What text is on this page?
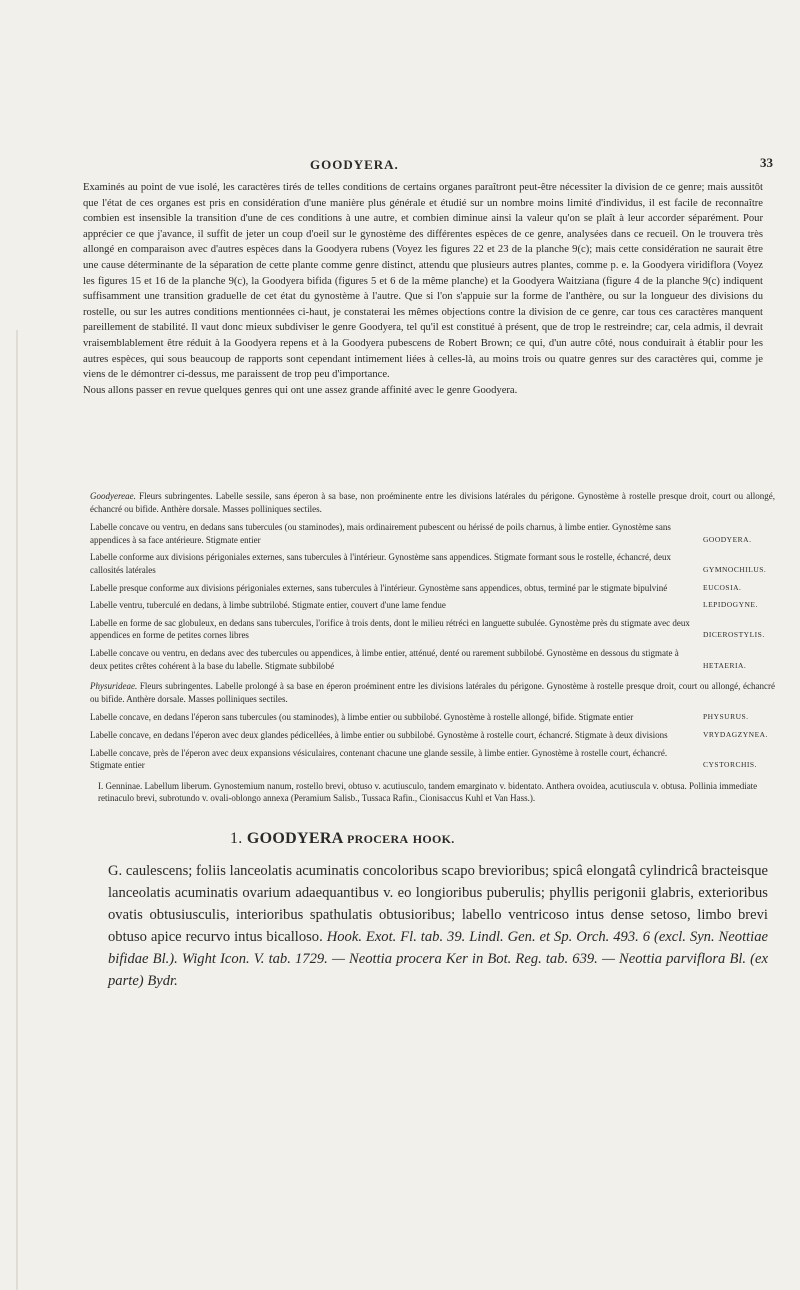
GOODYERA.	33

Examinés au point de vue isolé, les caractères tirés de telles conditions de certains organes paraîtront peut-être nécessiter la division de ce genre; mais aussitôt que l'état de ces organes est pris en considération d'une manière plus générale et étudié sur un nombre moins limité d'individus, il est facile de reconnaître combien est insensible la transition d'une de ces conditions à une autre, et combien diminue ainsi la valeur qu'on se plaît à leur accorder séparément. Pour apprécier ce que j'avance, il suffit de jeter un coup d'oeil sur le gynostème des différentes espèces de ce genre, analysées dans ce recueil. On le trouvera très allongé en comparaison avec d'autres espèces dans la Goodyera rubens (Voyez les figures 22 et 23 de la planche 9(c); mais cette considération ne saurait être une cause déterminante de la séparation de cette plante comme genre distinct, attendu que plusieurs autres plantes, comme p. e. la Goodyera viridiflora (Voyez les figures 15 et 16 de la planche 9(c), la Goodyera bifida (figures 5 et 6 de la même planche) et la Goodyera Waitziana (figure 4 de la planche 9(c) indiquent suffisamment une transition graduelle de cet état du gynostème à l'autre. Que si l'on s'appuie sur la forme de l'anthère, ou sur la longueur des divisions du rostelle, ou sur les autres conditions mentionnées ci-haut, je constaterai les mêmes objections contre la division de ce genre, car tous ces caractères manquent pareillement de stabilité. Il vaut donc mieux subdiviser le genre Goodyera, tel qu'il est constitué à présent, que de trop le restreindre; car, cela admis, il devrait vraisemblablement être réduit à la Goodyera repens et à la Goodyera pubescens de Robert Brown; ce qui, d'un autre côté, nous conduirait à établir pour les autres espèces, qui sous beaucoup de rapports sont cependant intimement liées à celles-là, au moins trois ou quatre genres sur des caractères qui, comme je viens de le démontrer ci-dessus, me paraissent de trop peu d'importance.

Nous allons passer en revue quelques genres qui ont une assez grande affinité avec le genre Goodyera.

Goodyereae. Fleurs subringentes. Labelle sessile, sans éperon à sa base, non proéminente entre les divisions latérales du périgone. Gynostème à rostelle presque droit, court ou allongé, échancré ou bifide. Anthère dorsale. Masses polliniques sectiles.

Labelle concave ou ventru, en dedans sans tubercules (ou staminodes), mais ordinairement pubescent ou hérissé de poils charnus, à limbe entier. Gynostème sans appendices à sa face antérieure. Stigmate entier	GOODYERA.
Labelle conforme aux divisions périgoniales externes, sans tubercules à l'intérieur. Gynostème sans appendices. Stigmate formant sous le rostelle, échancré, deux callosités latérales	GYMNOCHILUS.
Labelle presque conforme aux divisions périgoniales externes, sans tubercules à l'intérieur. Gynostème sans appendices, obtus, terminé par le stigmate bipulviné	EUCOSIA.
Labelle ventru, tuberculé en dedans, à limbe subtrilobé. Stigmate entier, couvert d'une lame fendue	LEPIDOGYNE.
Labelle en forme de sac globuleux, en dedans sans tubercules, l'orifice à trois dents, dont le milieu rétréci en languette subulée. Gynostème près du stigmate avec deux appendices en forme de petites cornes libres	DICEROSTYLIS.
Labelle concave ou ventru, en dedans avec des tubercules ou appendices, à limbe entier, atténué, denté ou rarement subbilobé. Gynostème en dessous du stigmate à deux petites crêtes cohérent à la base du labelle. Stigmate subbilobé	HETAERIA.

Physurideae. Fleurs subringentes. Labelle prolongé à sa base en éperon proéminent entre les divisions latérales du périgone. Gynostème à rostelle presque droit, court ou allongé, échancré ou bifide. Anthère dorsale. Masses polliniques sectiles.

Labelle concave, en dedans l'éperon sans tubercules (ou staminodes), à limbe entier ou subbilobé. Gynostème à rostelle allongé, bifide. Stigmate entier	PHYSURUS.
Labelle concave, en dedans l'éperon avec deux glandes pédicellées, à limbe entier ou subbilobé. Gynostème à rostelle court, échancré. Stigmate à deux divisions	VRYDAGZYNEA.
Labelle concave, près de l'éperon avec deux expansions vésiculaires, contenant chacune une glande sessile, à limbe entier. Gynostème à rostelle court, échancré. Stigmate entier	CYSTORCHIS.

I. Genninae. Labellum liberum. Gynostemium nanum, rostello brevi, obtuso v. acutiusculo, tandem emarginato v. bidentato. Anthera ovoidea, acutiuscula v. obtusa. Pollinia immediate retinaculo brevi, subrotundo v. ovali-oblongo annexa (Peramium Salisb., Tussaca Rafin., Cionisaccus Kuhl et Van Hass.).

1. GOODYERA PROCERA HOOK.
G. caulescens; foliis lanceolatis acuminatis concoloribus scapo brevioribus; spicâ elongatâ cylindricâ bracteisque lanceolatis acuminatis ovarium adaequantibus v. eo longioribus puberulis; phyllis perigonii glabris, exterioribus ovatis obtusiusculis, interioribus spathulatis obtusioribus; labello ventricoso intus dense setoso, limbo brevi obtuso apice recurvo intus bicalloso. Hook. Exot. Fl. tab. 39. Lindl. Gen. et Sp. Orch. 493. 6 (excl. Syn. Neottiae bifidae Bl.). Wight Icon. V. tab. 1729. — Neottia procera Ker in Bot. Reg. tab. 639. — Neottia parviflora Bl. (ex parte) Bydr.
